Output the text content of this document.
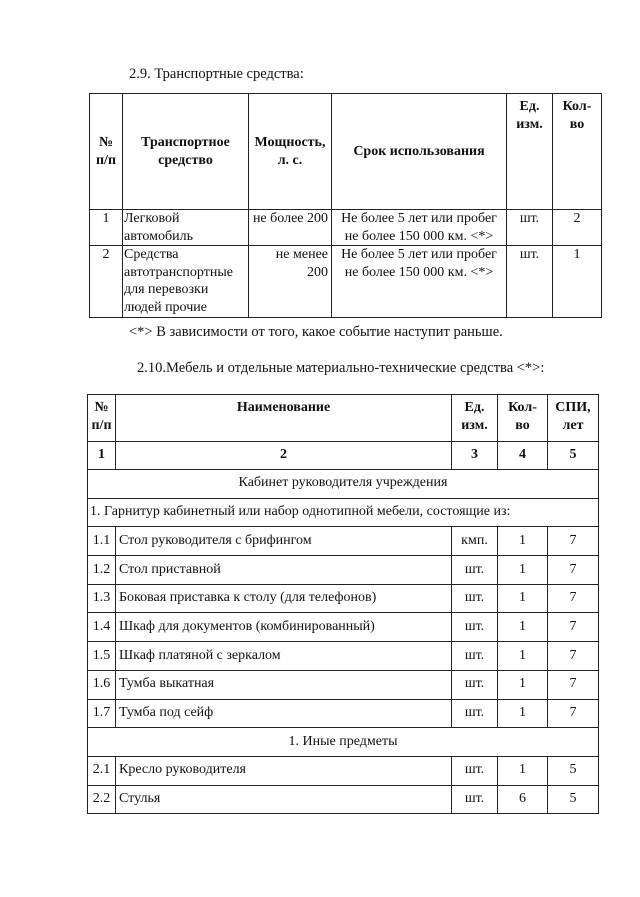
2.9. Транспортные средства:
№ п/п	Транспортное средство	Мощность, л. с.	Срок использования	Ед. изм.	Кол-во
1	Легковой автомобиль	не более 200	Не более 5 лет или пробег не более 150 000 км. <*>	шт.	2
2	Средства автотранспортные для перевозки людей прочие	не менее 200	Не более 5 лет или пробег не более 150 000 км. <*>	шт.	1
<*> В зависимости от того, какое событие наступит раньше.
2.10.Мебель и отдельные материально-технические средства <*>:
№ п/п	Наименование	Ед. изм.	Кол-во	СПИ, лет
1	2	3	4	5
Кабинет руководителя учреждения				
1. Гарнитур кабинетный или набор однотипной мебели, состоящие из:				
1.1	Стол руководителя с брифингом	кмп.	1	7
1.2	Стол приставной	шт.	1	7
1.3	Боковая приставка к столу (для телефонов)	шт.	1	7
1.4	Шкаф для документов (комбинированный)	шт.	1	7
1.5	Шкаф платяной с зеркалом	шт.	1	7
1.6	Тумба выкатная	шт.	1	7
1.7	Тумба под сейф	шт.	1	7
1. Иные предметы				
2.1	Кресло руководителя	шт.	1	5
2.2	Стулья	шт.	6	5
